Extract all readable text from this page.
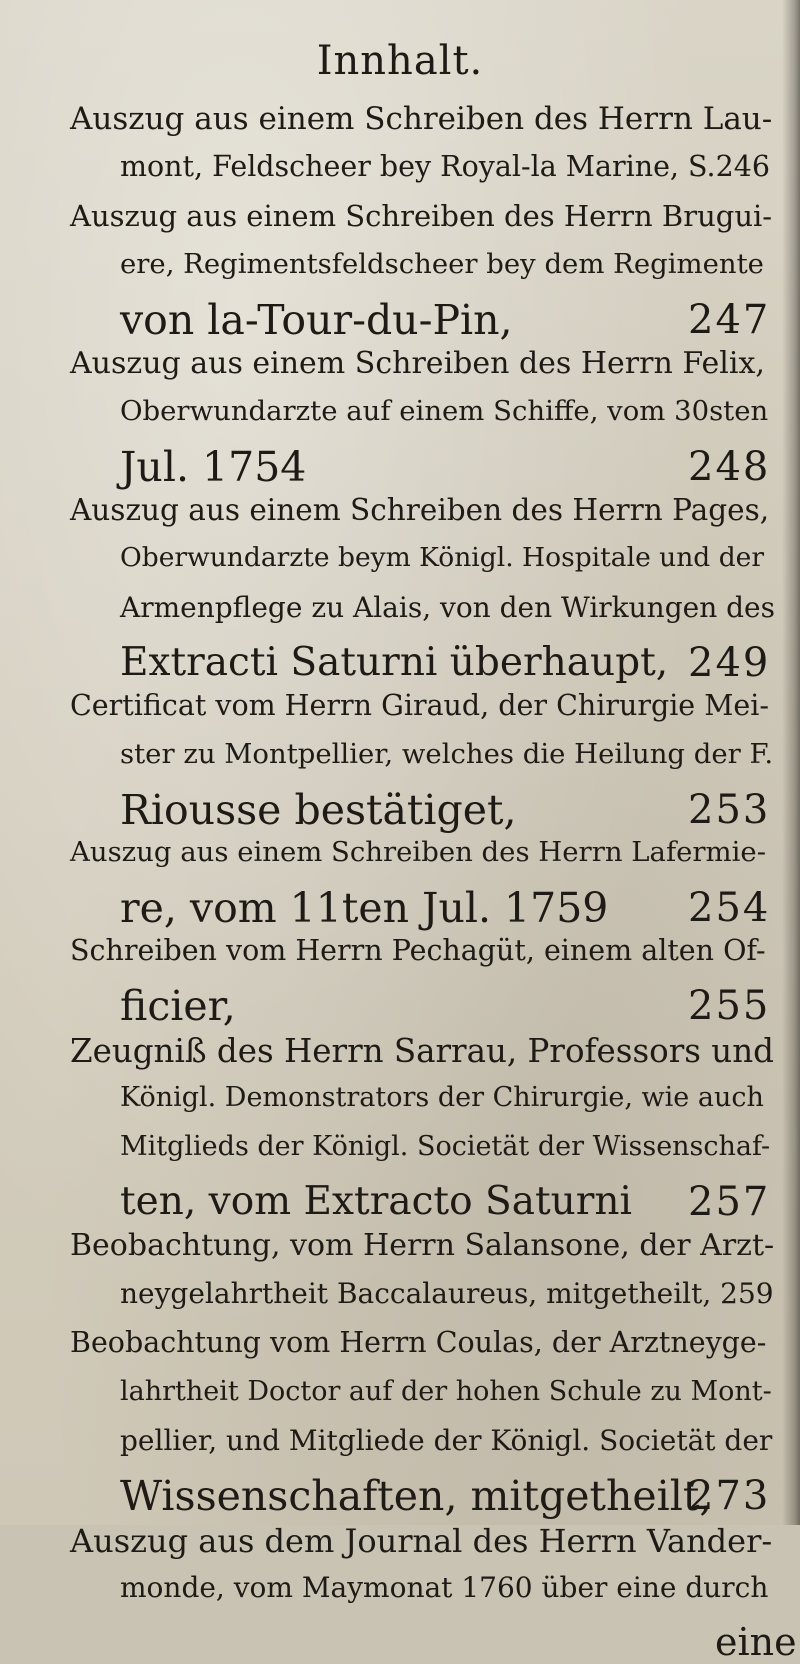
Innhalt.
Auszug aus einem Schreiben des Herrn Lau-
mont, Feldscheer bey Royal-la Marine, S.246
Auszug aus einem Schreiben des Herrn Brugui-
ere, Regimentsfeldscheer bey dem Regimente
von la-Tour-du-Pin,	247
Auszug aus einem Schreiben des Herrn Felix,
Oberwundarzte auf einem Schiffe, vom 30sten
Jul. 1754	248
Auszug aus einem Schreiben des Herrn Pages,
Oberwundarzte beym Königl. Hospitale und der
Armenpflege zu Alais, von den Wirkungen des
Extracti Saturni überhaupt, 249
Certificat vom Herrn Giraud, der Chirurgie Mei-
ster zu Montpellier, welches die Heilung der F.
Riousse bestätiget,	253
Auszug aus einem Schreiben des Herrn Lafermie-
re, vom 11ten Jul. 1759 254
Schreiben vom Herrn Pechagüt, einem alten Of-
ficier,	255
Zeugniß des Herrn Sarrau, Professors und
Königl. Demonstrators der Chirurgie, wie auch
Mitglieds der Königl. Societät der Wissenschaf-
ten, vom Extracto Saturni 257
Beobachtung, vom Herrn Salansone, der Arzt-
neygelahrtheit Baccalaureus, mitgetheilt, 259
Beobachtung vom Herrn Coulas, der Arztneyge-
lahrtheit Doctor auf der hohen Schule zu Mont-
pellier, und Mitgliede der Königl. Societät der
Wissenschaften, mitgetheilt,
273
Auszug aus dem Journal des Herrn Vander-
monde, vom Maymonat 1760 über eine durch
eine
